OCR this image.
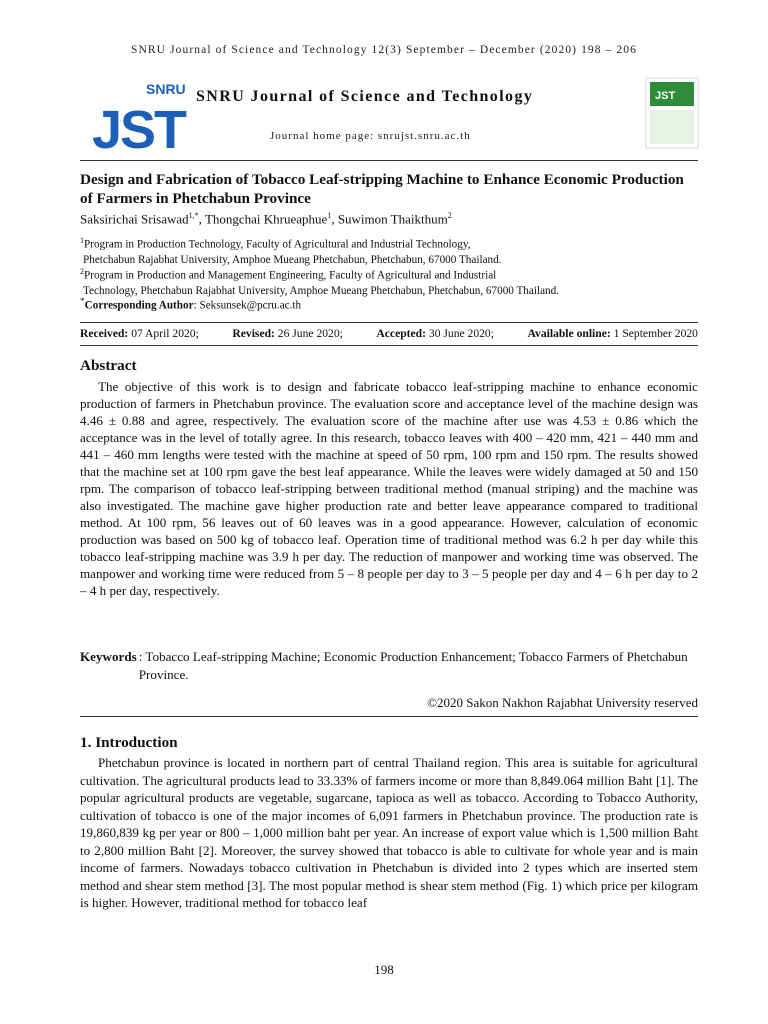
SNRU Journal of Science and Technology 12(3) September – December (2020) 198 – 206
SNRU
JST
SNRU Journal of Science and Technology
Journal home page: snrujst.snru.ac.th
JST
Design and Fabrication of Tobacco Leaf-stripping Machine to Enhance Economic Production of Farmers in Phetchabun Province
Saksirichai Srisawad$^{1,*}$, Thongchai Khrueaphue$^1$, Suwimon Thaikthum$^2$
$^1$Program in Production Technology, Faculty of Agricultural and Industrial Technology,
Phetchabun Rajabhat University, Amphoe Mueang Phetchabun, Phetchabun, 67000 Thailand.
$^2$Program in Production and Management Engineering, Faculty of Agricultural and Industrial
Technology, Phetchabun Rajabhat University, Amphoe Mueang Phetchabun, Phetchabun, 67000 Thailand.
*Corresponding Author: Seksunsek@pcru.ac.th
Received: 07 April 2020;	Revised: 26 June 2020;	Accepted: 30 June 2020;	Available online: 1 September 2020
Abstract

The objective of this work is to design and fabricate tobacco leaf-stripping machine to enhance economic production of farmers in Phetchabun province. The evaluation score and acceptance level of the machine design was 4.46 ± 0.88 and agree, respectively. The evaluation score of the machine after use was 4.53 ± 0.86 which the acceptance was in the level of totally agree. In this research, tobacco leaves with 400 – 420 mm, 421 – 440 mm and 441 – 460 mm lengths were tested with the machine at speed of 50 rpm, 100 rpm and 150 rpm. The results showed that the machine set at 100 rpm gave the best leaf appearance. While the leaves were widely damaged at 50 and 150 rpm. The comparison of tobacco leaf-stripping between traditional method (manual striping) and the machine was also investigated. The machine gave higher production rate and better leave appearance compared to traditional method. At 100 rpm, 56 leaves out of 60 leaves was in a good appearance. However, calculation of economic production was based on 500 kg of tobacco leaf. Operation time of traditional method was 6.2 h per day while this tobacco leaf-stripping machine was 3.9 h per day. The reduction of manpower and working time was observed. The manpower and working time were reduced from 5 – 8 people per day to 3 – 5 people per day and 4 – 6 h per day to 2 – 4 h per day, respectively.

Keywords : Tobacco Leaf-stripping Machine; Economic Production Enhancement; Tobacco Farmers of Phetchabun Province.
©2020 Sakon Nakhon Rajabhat University reserved
1. Introduction

Phetchabun province is located in northern part of central Thailand region. This area is suitable for agricultural cultivation. The agricultural products lead to 33.33% of farmers income or more than 8,849.064 million Baht [1]. The popular agricultural products are vegetable, sugarcane, tapioca as well as tobacco. According to Tobacco Authority, cultivation of tobacco is one of the major incomes of 6,091 farmers in Phetchabun province. The production rate is 19,860,839 kg per year or 800 – 1,000 million baht per year. An increase of export value which is 1,500 million Baht to 2,800 million Baht [2]. Moreover, the survey showed that tobacco is able to cultivate for whole year and is main income of farmers. Nowadays tobacco cultivation in Phetchabun is divided into 2 types which are inserted stem method and shear stem method [3]. The most popular method is shear stem method (Fig. 1) which price per kilogram is higher. However, traditional method for tobacco leaf

198
